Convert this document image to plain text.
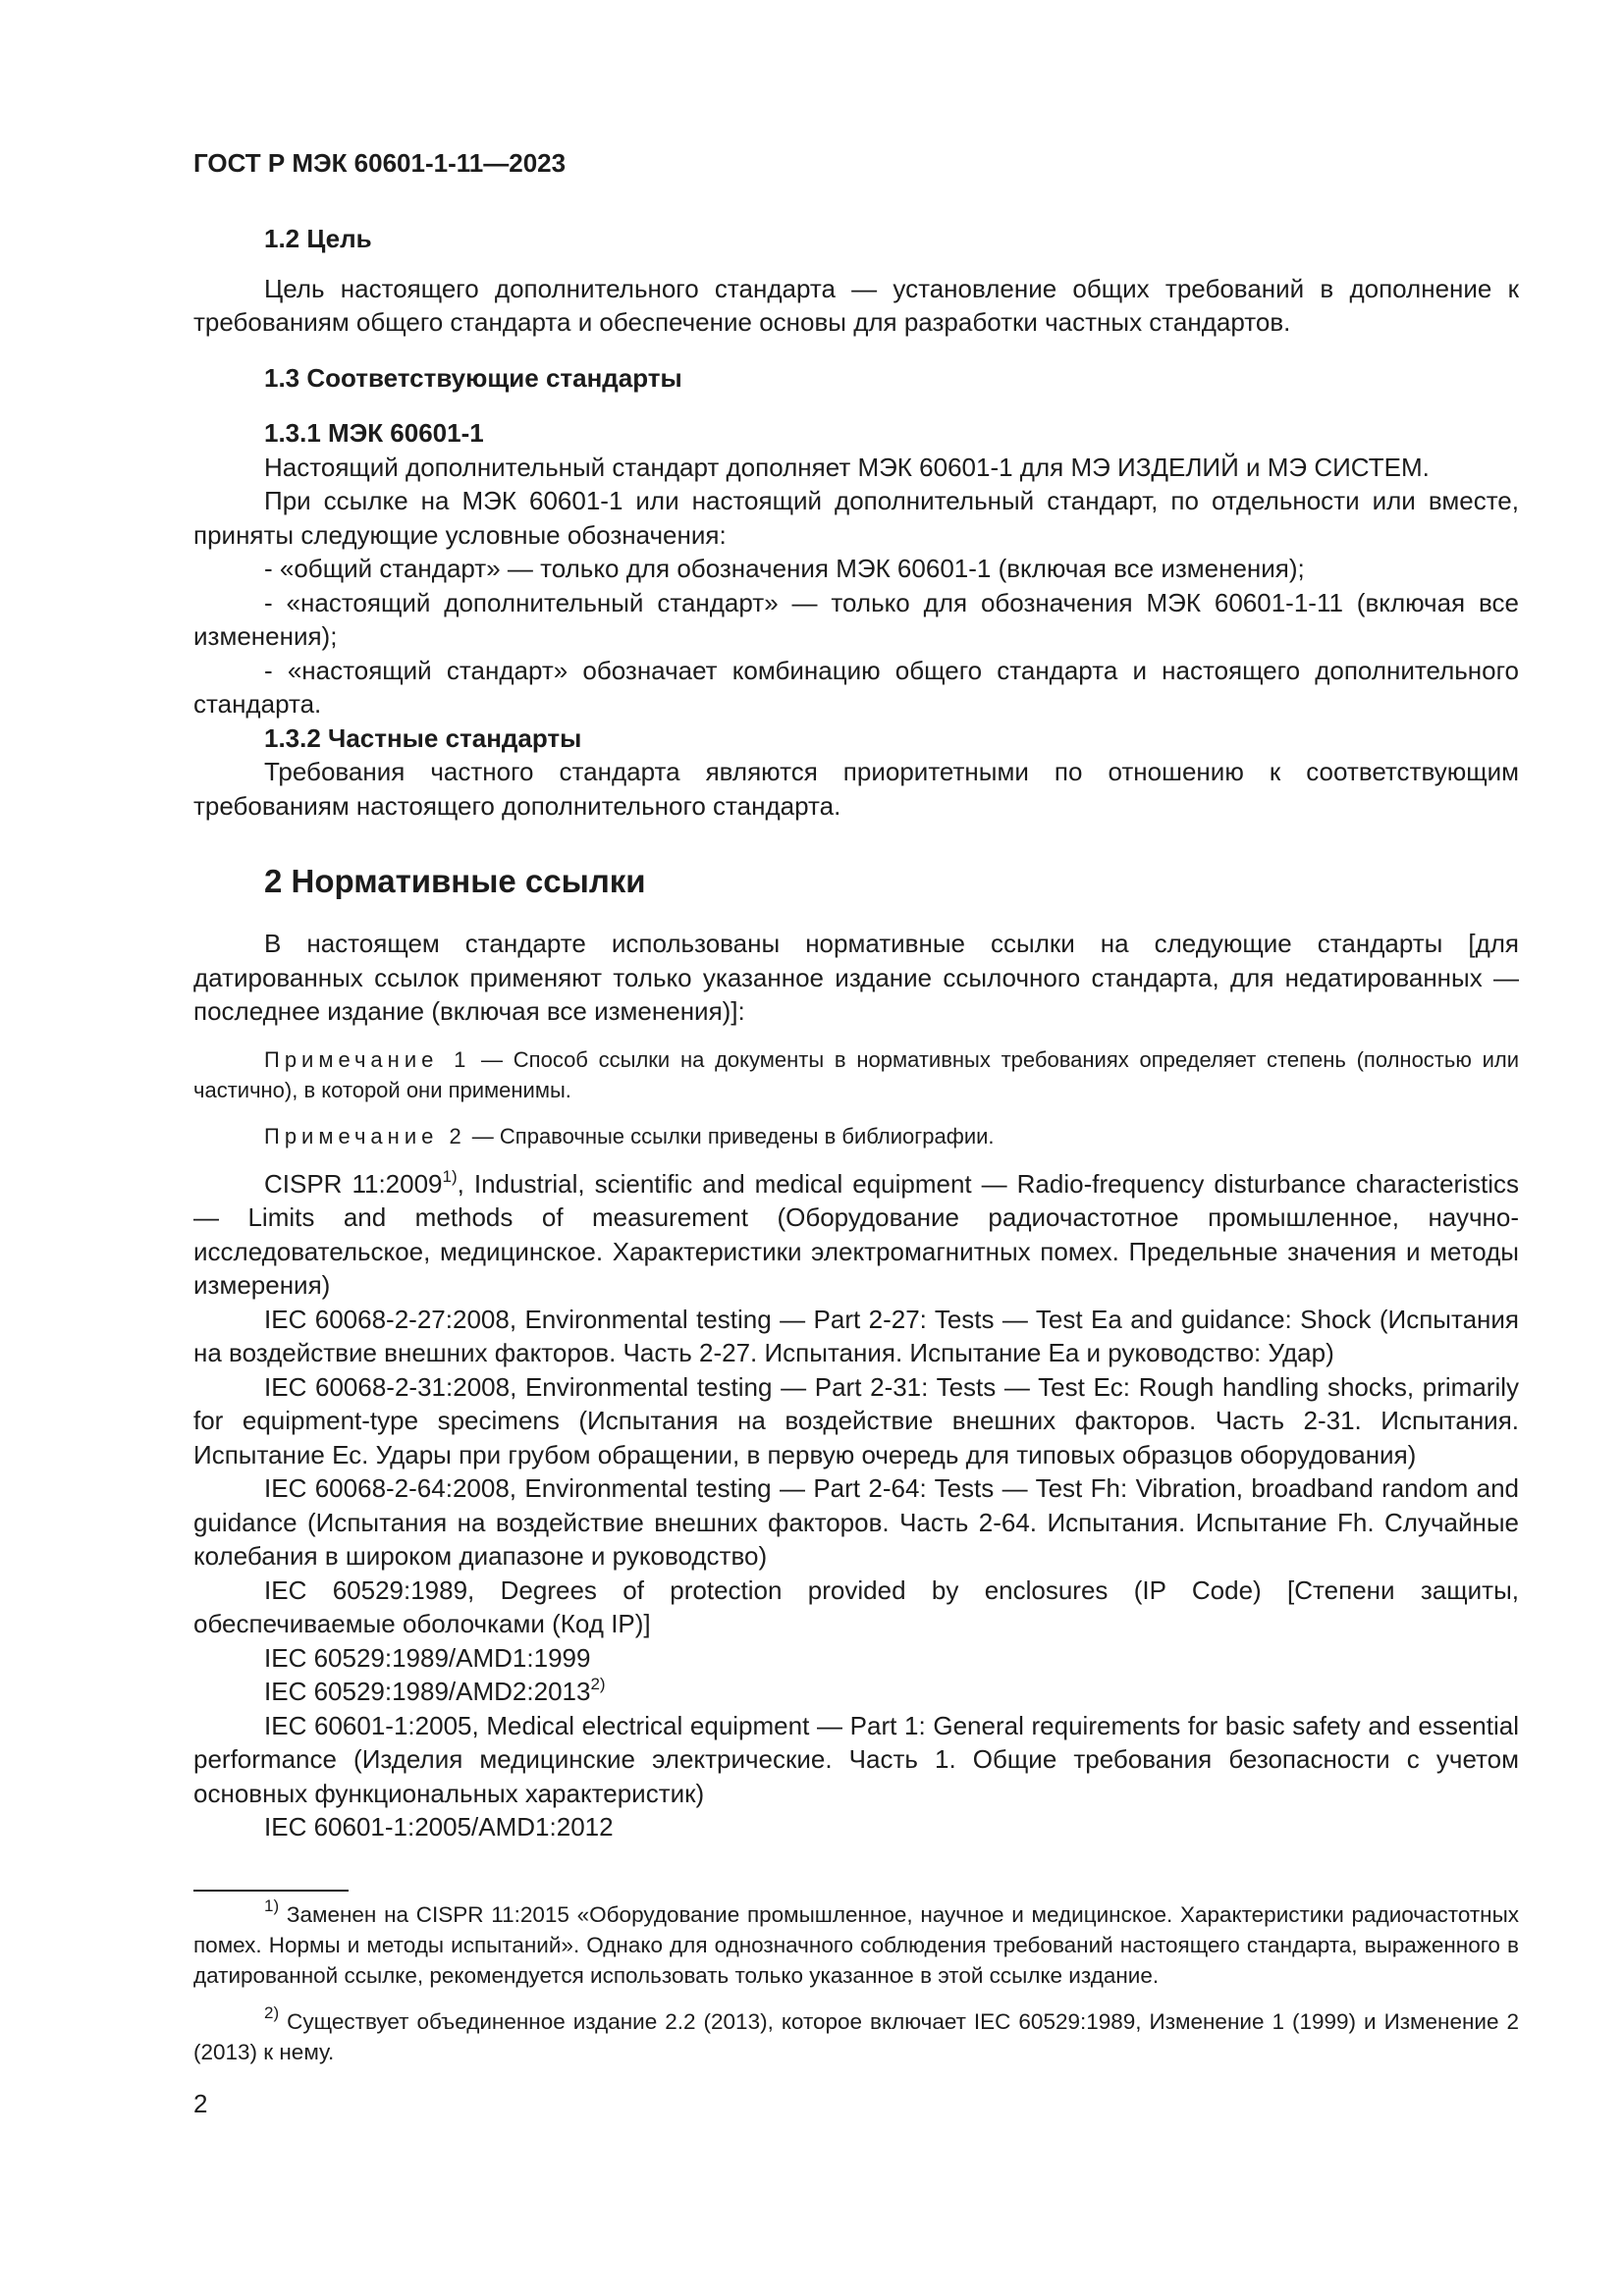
ГОСТ Р МЭК 60601-1-11—2023
1.2 Цель

Цель настоящего дополнительного стандарта — установление общих требований в дополнение к требованиям общего стандарта и обеспечение основы для разработки частных стандартов.

1.3 Соответствующие стандарты
1.3.1 МЭК 60601-1

Настоящий дополнительный стандарт дополняет МЭК 60601-1 для МЭ ИЗДЕЛИЙ и МЭ СИСТЕМ.

При ссылке на МЭК 60601-1 или настоящий дополнительный стандарт, по отдельности или вместе, приняты следующие условные обозначения:

- «общий стандарт» — только для обозначения МЭК 60601-1 (включая все изменения);

- «настоящий дополнительный стандарт» — только для обозначения МЭК 60601-1-11 (включая все изменения);

- «настоящий стандарт» обозначает комбинацию общего стандарта и настоящего дополнительного стандарта.

1.3.2 Частные стандарты

Требования частного стандарта являются приоритетными по отношению к соответствующим требованиям настоящего дополнительного стандарта.

2 Нормативные ссылки

В настоящем стандарте использованы нормативные ссылки на следующие стандарты [для датированных ссылок применяют только указанное издание ссылочного стандарта, для недатированных — последнее издание (включая все изменения)]:

Примечание 1 — Способ ссылки на документы в нормативных требованиях определяет степень (полностью или частично), в которой они применимы.

Примечание 2 — Справочные ссылки приведены в библиографии.

CISPR 11:2009$^{1)}$, Industrial, scientific and medical equipment — Radio-frequency disturbance characteristics — Limits and methods of measurement (Оборудование радиочастотное промышленное, научно-исследовательское, медицинское. Характеристики электромагнитных помех. Предельные значения и методы измерения)

IEC 60068-2-27:2008, Environmental testing — Part 2-27: Tests — Test Ea and guidance: Shock (Испытания на воздействие внешних факторов. Часть 2-27. Испытания. Испытание Еа и руководство: Удар)

IEC 60068-2-31:2008, Environmental testing — Part 2-31: Tests — Test Ec: Rough handling shocks, primarily for equipment-type specimens (Испытания на воздействие внешних факторов. Часть 2-31. Испытания. Испытание Ес. Удары при грубом обращении, в первую очередь для типовых образцов оборудования)

IEC 60068-2-64:2008, Environmental testing — Part 2-64: Tests — Test Fh: Vibration, broadband random and guidance (Испытания на воздействие внешних факторов. Часть 2-64. Испытания. Испытание Fh. Случайные колебания в широком диапазоне и руководство)

IEC 60529:1989, Degrees of protection provided by enclosures (IP Code) [Степени защиты, обеспечиваемые оболочками (Код IP)]

IEC 60529:1989/AMD1:1999

IEC 60529:1989/AMD2:2013$^{2)}$

IEC 60601-1:2005, Medical electrical equipment — Part 1: General requirements for basic safety and essential performance (Изделия медицинские электрические. Часть 1. Общие требования безопасности с учетом основных функциональных характеристик)

IEC 60601-1:2005/AMD1:2012

$^{1)}$ Заменен на CISPR 11:2015 «Оборудование промышленное, научное и медицинское. Характеристики радиочастотных помех. Нормы и методы испытаний». Однако для однозначного соблюдения требований настоящего стандарта, выраженного в датированной ссылке, рекомендуется использовать только указанное в этой ссылке издание.

$^{2)}$ Существует объединенное издание 2.2 (2013), которое включает IEC 60529:1989, Изменение 1 (1999) и Изменение 2 (2013) к нему.

2
